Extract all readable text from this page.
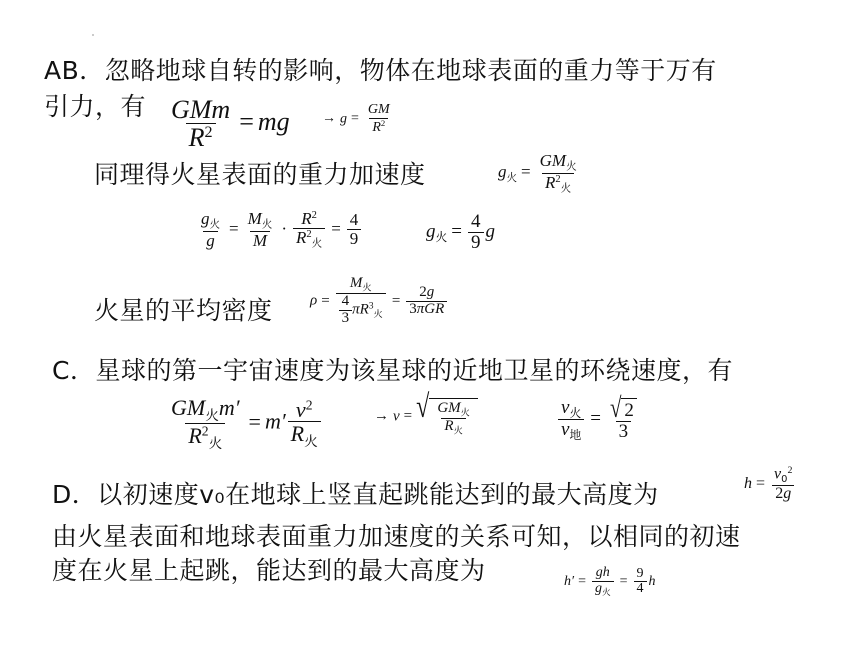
AB．忽略地球自转的影响，物体在地球表面的重力等于万有
引力，有 $\frac{\text{GMm}}{R^2}$ = mg → $g = \frac{GM}{R^2}$
同理得火星表面的重力加速度	$g_火 = \frac{GM_火}{R^2_火}$
$\frac{g_火}{g} = \frac{M_火}{M} \cdot \frac{R^2}{R^2_火} = \frac{4}{9}$	$g_火 = \frac{4}{9}$ g
火星的平均密度 $\rho = \frac{M_火}{\frac{4}{3} \pi R^3_火} = \frac{2g}{\text{3πGR}}$
C．星球的第一宇宙速度为该星球的近地卫星的环绕速度，有
$\frac{GM_火m'}{R^2_火} = m' \frac{v^2}{R_火}$	→ v = √ $\frac{GM_火}{R_火}$	$\frac{v_火}{v_地} = \frac{√ 2}{3}$
D．以初速度v₀在地球上竖直起跳能达到的最大高度为	$h = \frac{v_0^2}{2g}$
由火星表面和地球表面重力加速度的关系可知，以相同的初速
度在火星上起跳，能达到的最大高度为	$h' = \frac{gh}{g_火} = \frac{9}{4}$ h
